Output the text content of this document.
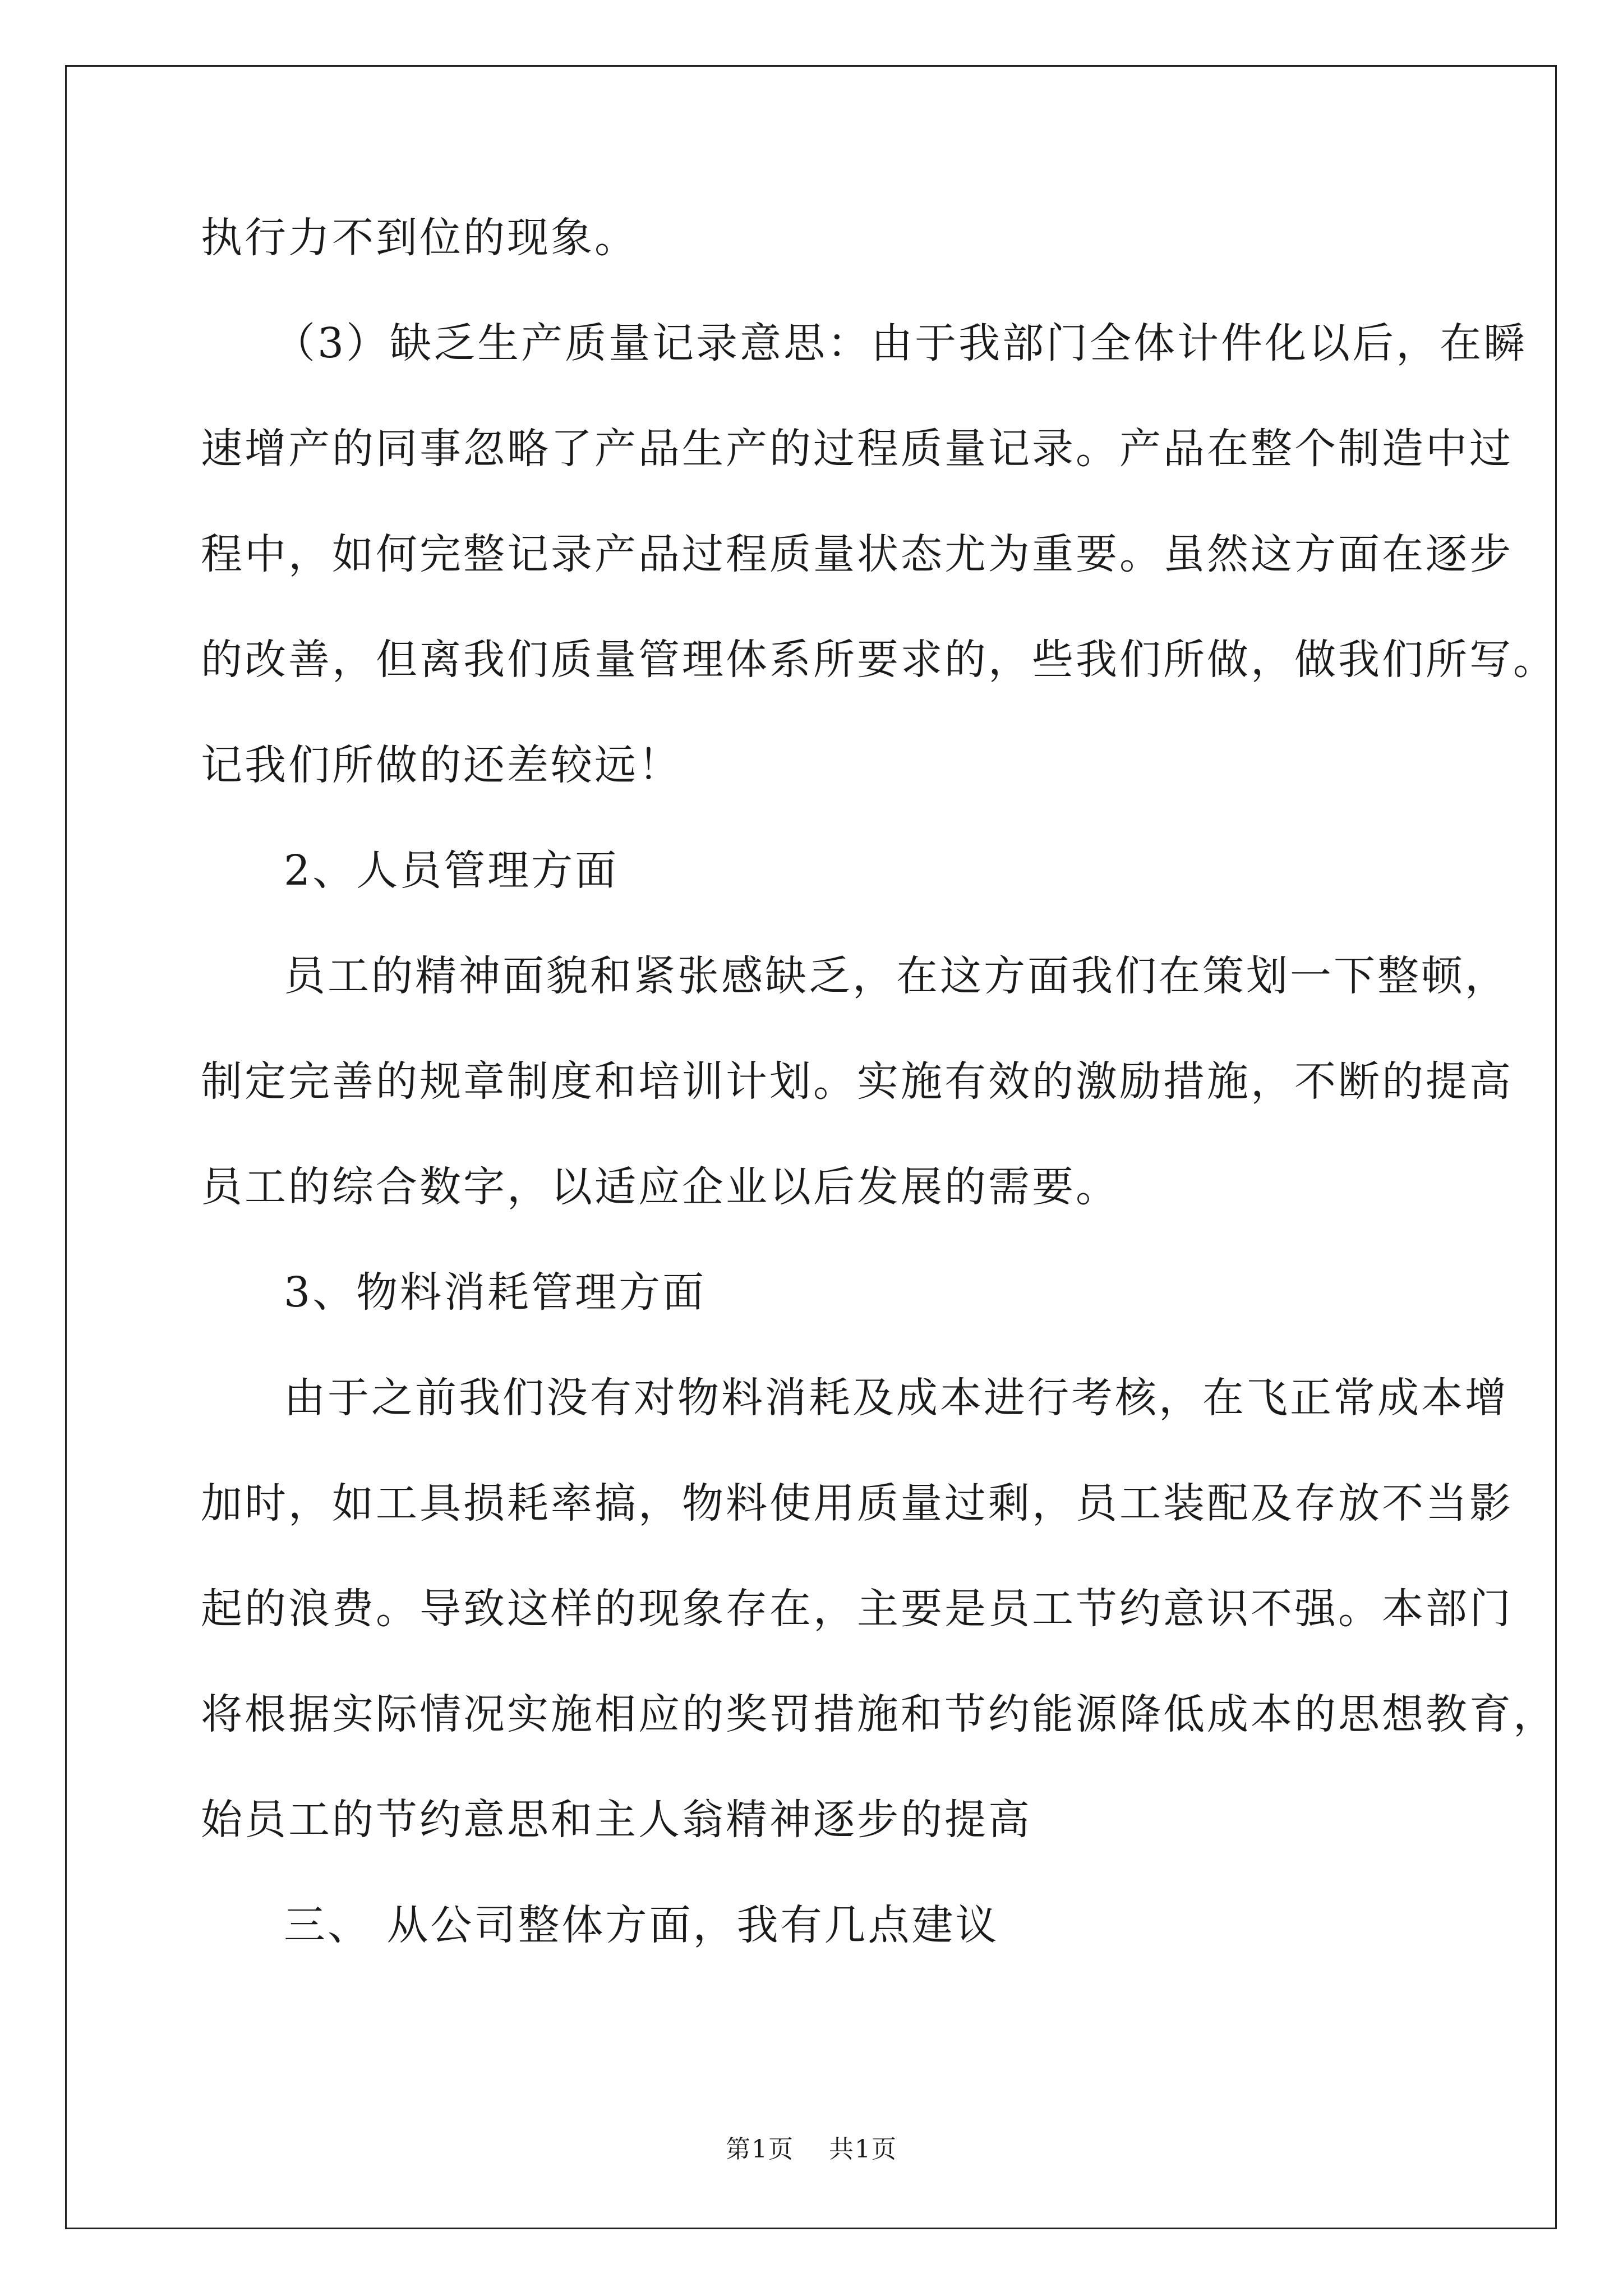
执行力不到位的现象。
（3）缺乏生产质量记录意思：由于我部门全体计件化以后，在瞬
速增产的同事忽略了产品生产的过程质量记录。产品在整个制造中过
程中，如何完整记录产品过程质量状态尤为重要。虽然这方面在逐步
的改善，但离我们质量管理体系所要求的，些我们所做，做我们所写。
记我们所做的还差较远！
2、人员管理方面
员工的精神面貌和紧张感缺乏，在这方面我们在策划一下整顿，
制定完善的规章制度和培训计划。实施有效的激励措施，不断的提高
员工的综合数字，以适应企业以后发展的需要。
3、物料消耗管理方面
由于之前我们没有对物料消耗及成本进行考核，在飞正常成本增
加时，如工具损耗率搞，物料使用质量过剩，员工装配及存放不当影
起的浪费。导致这样的现象存在，主要是员工节约意识不强。本部门
将根据实际情况实施相应的奖罚措施和节约能源降低成本的思想教育，
始员工的节约意思和主人翁精神逐步的提高
三、 从公司整体方面，我有几点建议
第1页 共1页
